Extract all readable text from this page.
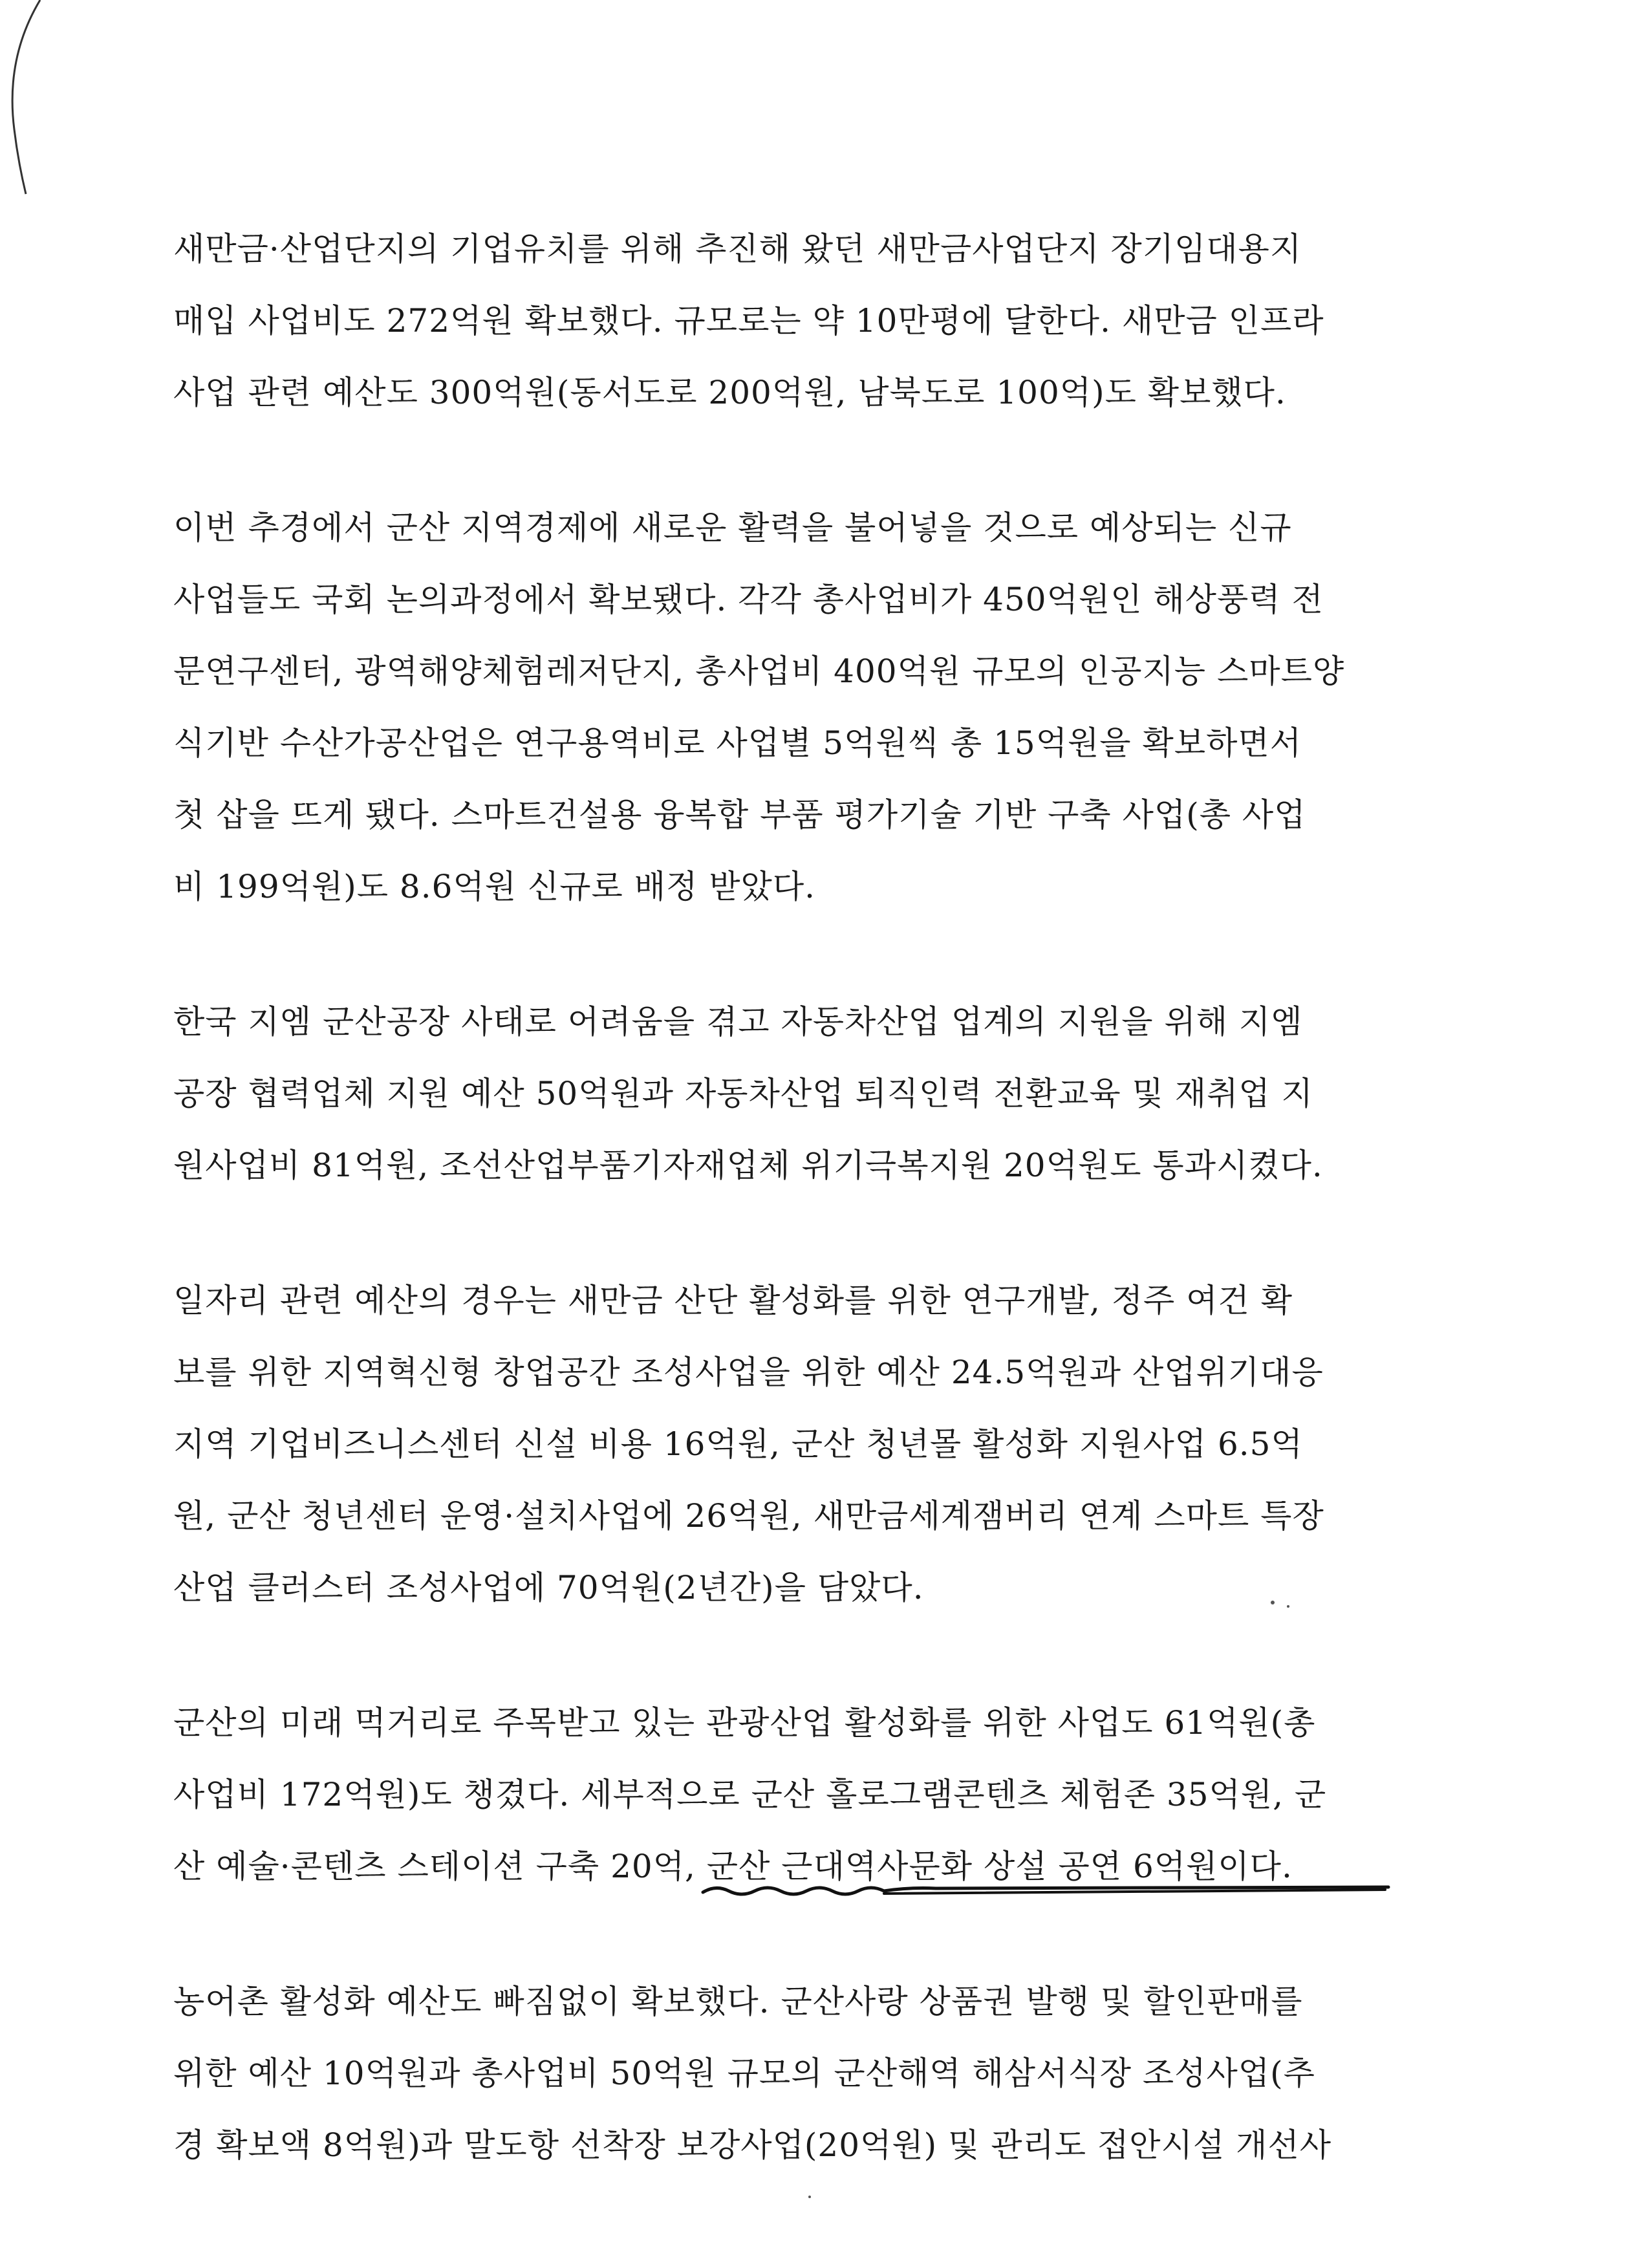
새만금·산업단지의 기업유치를 위해 추진해 왔던 새만금사업단지 장기임대용지
매입 사업비도 272억원 확보했다. 규모로는 약 10만평에 달한다. 새만금 인프라
사업 관련 예산도 300억원(동서도로 200억원, 남북도로 100억)도 확보했다.
이번 추경에서 군산 지역경제에 새로운 활력을 불어넣을 것으로 예상되는 신규
사업들도 국회 논의과정에서 확보됐다. 각각 총사업비가 450억원인 해상풍력 전
문연구센터, 광역해양체험레저단지, 총사업비 400억원 규모의 인공지능 스마트양
식기반 수산가공산업은 연구용역비로 사업별 5억원씩 총 15억원을 확보하면서
첫 삽을 뜨게 됐다. 스마트건설용 융복합 부품 평가기술 기반 구축 사업(총 사업
비 199억원)도 8.6억원 신규로 배정 받았다.
한국 지엠 군산공장 사태로 어려움을 겪고 자동차산업 업계의 지원을 위해 지엠
공장 협력업체 지원 예산 50억원과 자동차산업 퇴직인력 전환교육 및 재취업 지
원사업비 81억원, 조선산업부품기자재업체 위기극복지원 20억원도 통과시켰다.
일자리 관련 예산의 경우는 새만금 산단 활성화를 위한 연구개발, 정주 여건 확
보를 위한 지역혁신형 창업공간 조성사업을 위한 예산 24.5억원과 산업위기대응
지역 기업비즈니스센터 신설 비용 16억원, 군산 청년몰 활성화 지원사업 6.5억
원, 군산 청년센터 운영·설치사업에 26억원, 새만금세계잼버리 연계 스마트 특장
산업 클러스터 조성사업에 70억원(2년간)을 담았다.
군산의 미래 먹거리로 주목받고 있는 관광산업 활성화를 위한 사업도 61억원(총
사업비 172억원)도 챙겼다. 세부적으로 군산 홀로그램콘텐츠 체험존 35억원, 군
산 예술·콘텐츠 스테이션 구축 20억, 군산 근대역사문화 상설 공연 6억원이다.
농어촌 활성화 예산도 빠짐없이 확보했다. 군산사랑 상품권 발행 및 할인판매를
위한 예산 10억원과 총사업비 50억원 규모의 군산해역 해삼서식장 조성사업(추
경 확보액 8억원)과 말도항 선착장 보강사업(20억원) 및 관리도 접안시설 개선사
